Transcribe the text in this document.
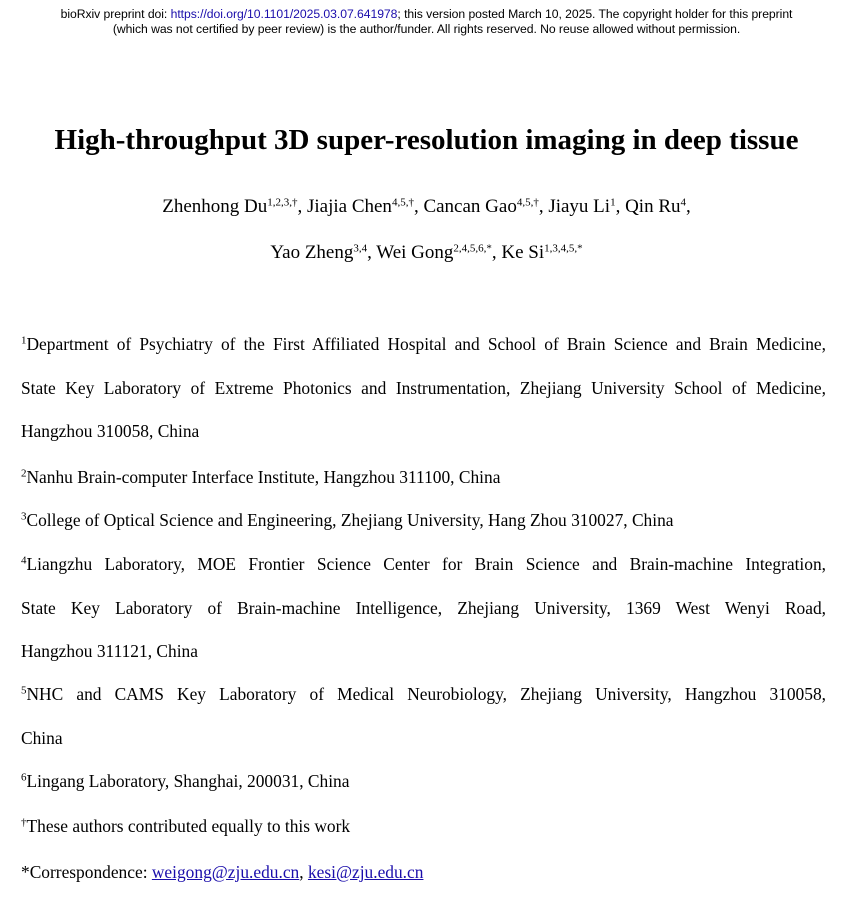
bioRxiv preprint doi: https://doi.org/10.1101/2025.03.07.641978; this version posted March 10, 2025. The copyright holder for this preprint
(which was not certified by peer review) is the author/funder. All rights reserved. No reuse allowed without permission.
High-throughput 3D super-resolution imaging in deep tissue
Zhenhong $Du^{1,2,3,\dagger}$, Jiajia Chen$^{4,5,\dagger}$, Cancan Gao$^{4,5,\dagger}$, Jiayu Li$^1$, Qin Ru$^4$,
Yao Zheng$^{3,4}$, Wei Gong$^{2,4,5,6,*}$, Ke $Si^{1,3,4,5,*}$
$^1$Department of Psychiatry of the First Affiliated Hospital and School of Brain Science and Brain Medicine,
State Key Laboratory of Extreme Photonics and Instrumentation, Zhejiang University School of Medicine,
Hangzhou 310058, China
$^2$Nanhu Brain-computer Interface Institute, Hangzhou 311100, China
$^3$College of Optical Science and Engineering, Zhejiang University, Hang Zhou 310027, China
$^4$Liangzhu Laboratory, MOE Frontier Science Center for Brain Science and Brain-machine Integration,
State Key Laboratory of Brain-machine Intelligence, Zhejiang University, 1369 West Wenyi Road,
Hangzhou 311121, China
$^5$NHC and CAMS Key Laboratory of Medical Neurobiology, Zhejiang University, Hangzhou 310058,
China
$^6$Lingang Laboratory, Shanghai, 200031, China
†These authors contributed equally to this work
*Correspondence: weigong@zju.edu.cn, kesi@zju.edu.cn
